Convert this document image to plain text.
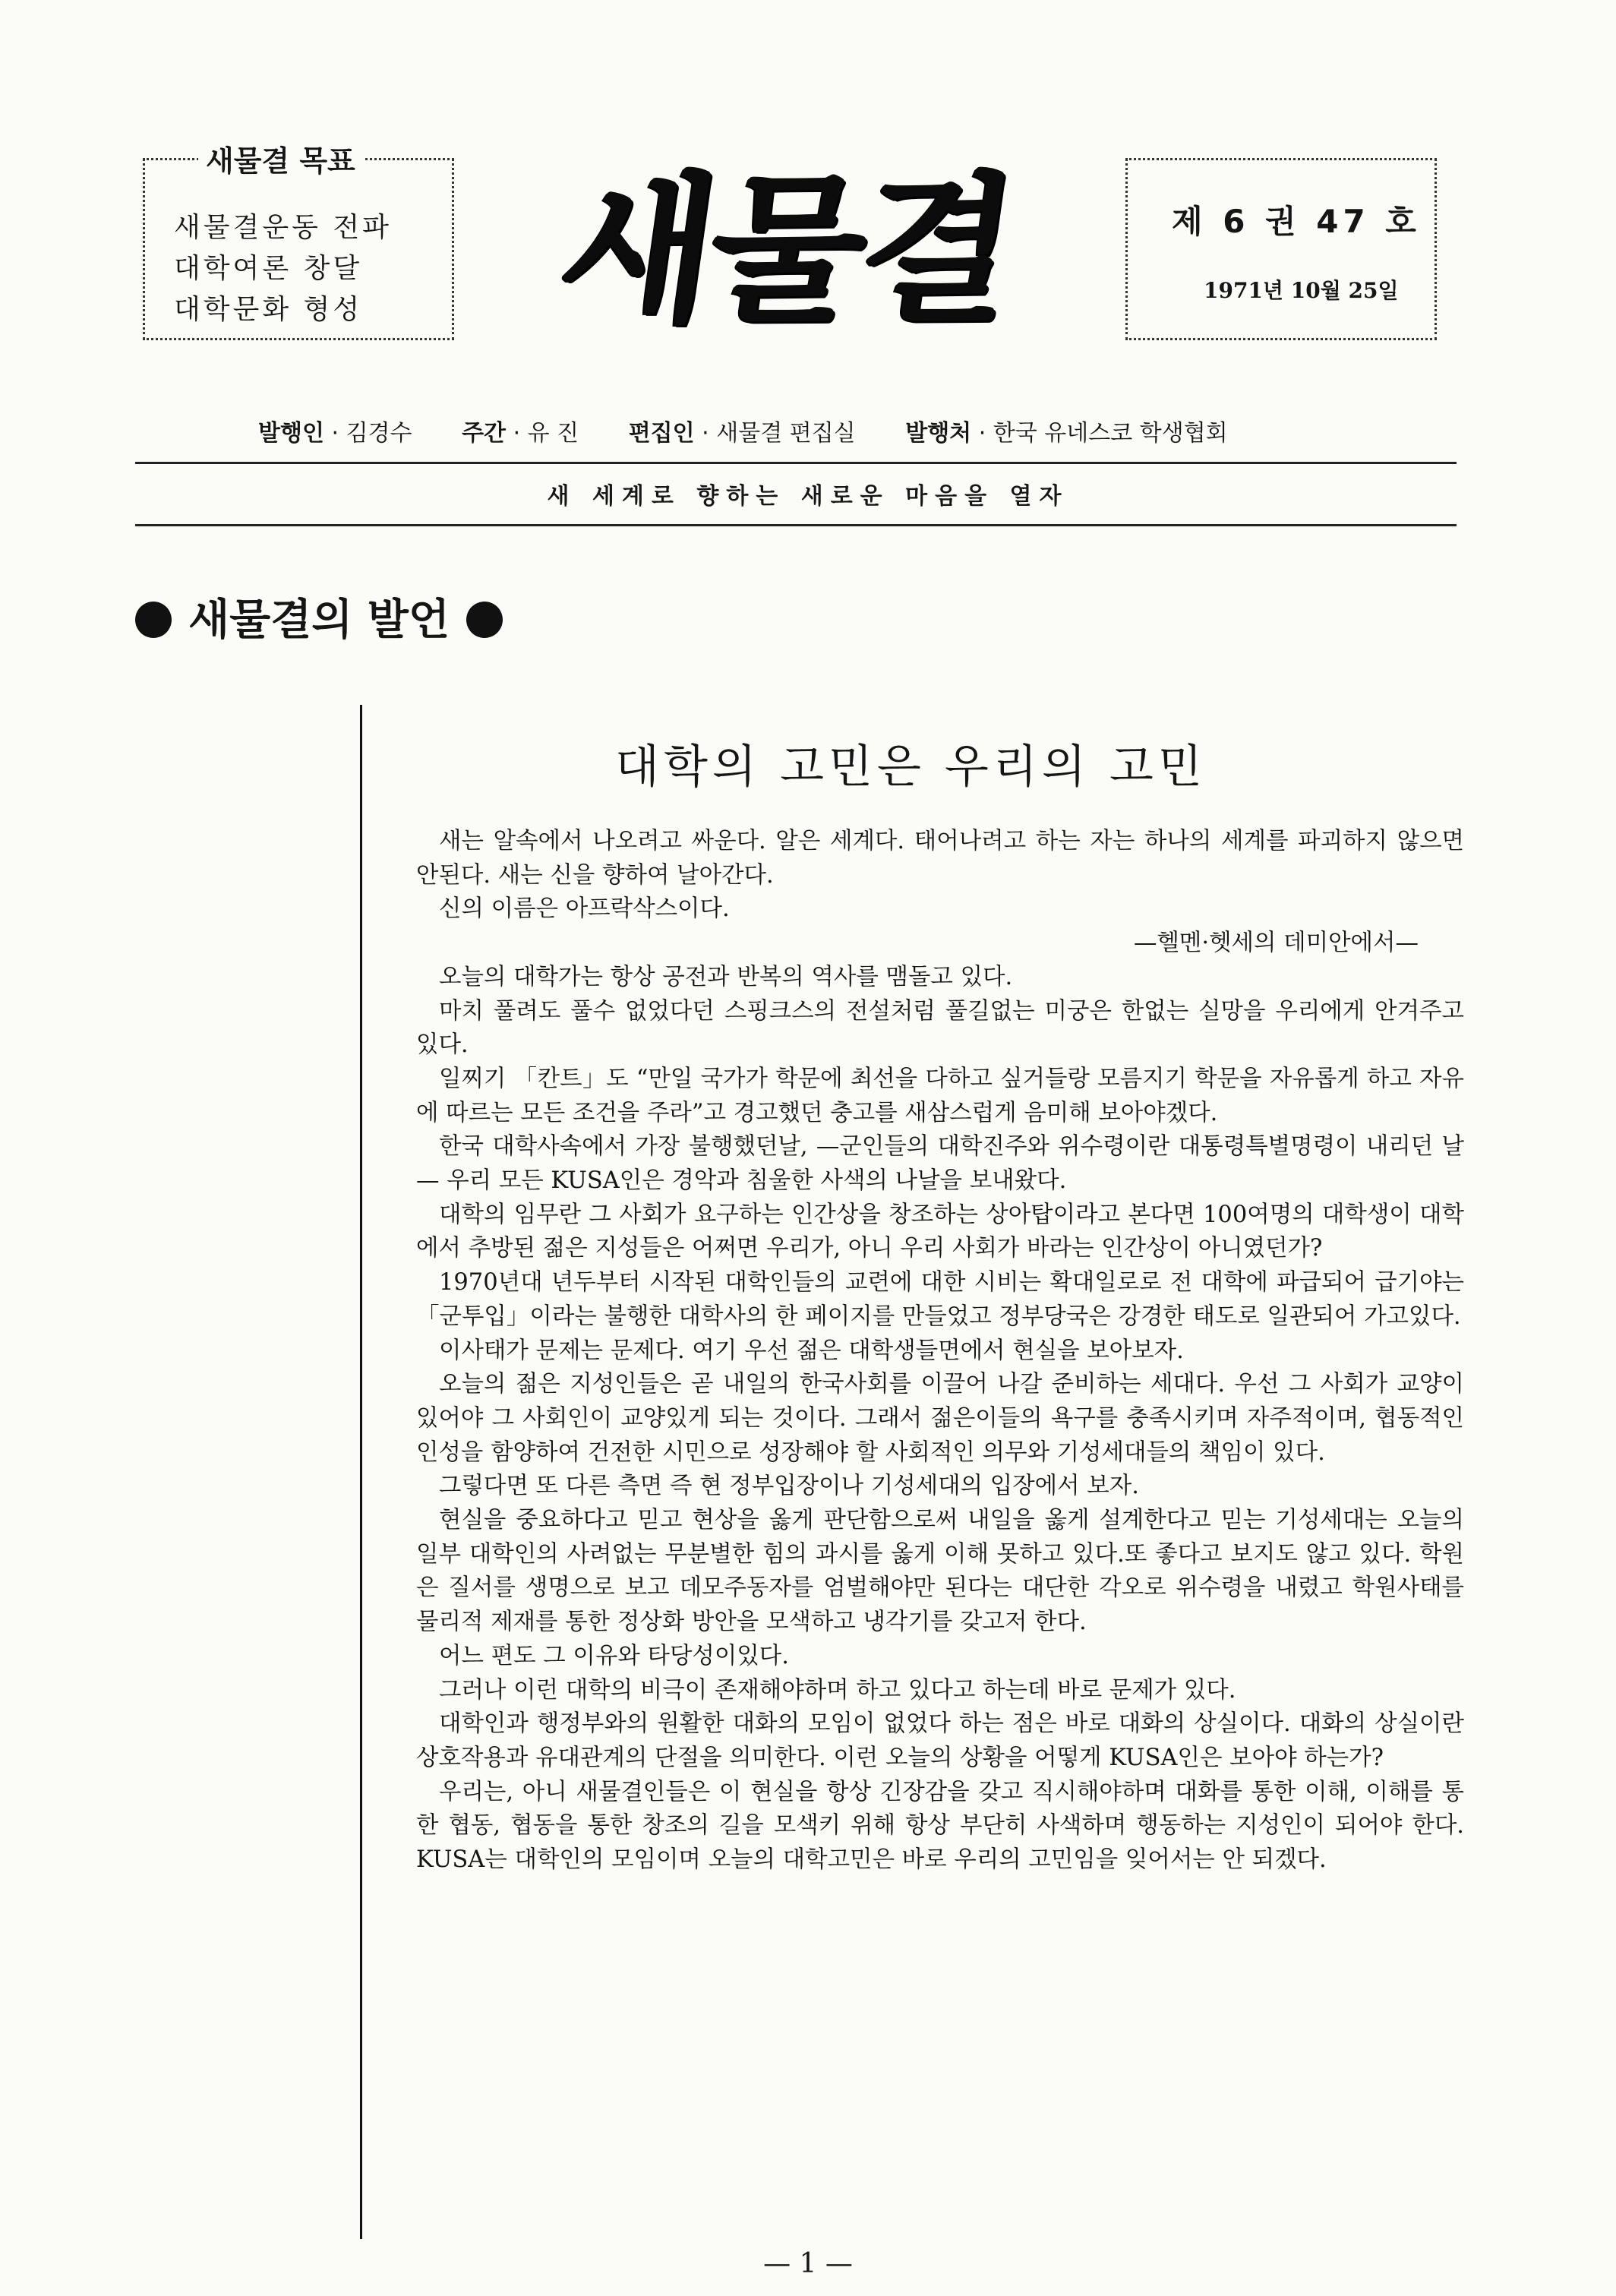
새물결 목표
새물결운동 전파
대학여론 창달
대학문화 형성	새물결	제 6 권 47 호
1971년 10월 25일
발행인 · 김경수 주간 · 유 진 편집인 · 새물결 편집실 발행처 · 한국 유네스코 학생협회
새 세계로 향하는 새로운 마음을 열자
새물결의 발언
대학의 고민은 우리의 고민

새는 알속에서 나오려고 싸운다. 알은 세계다. 태어나려고 하는 자는 하나의 세계를 파괴하지 않으면 안된다. 새는 신을 향하여 날아간다.

신의 이름은 아프락삭스이다.

—헬멘·헷세의 데미안에서—

오늘의 대학가는 항상 공전과 반복의 역사를 맴돌고 있다.

마치 풀려도 풀수 없었다던 스핑크스의 전설처럼 풀길없는 미궁은 한없는 실망을 우리에게 안겨주고 있다.

일찌기 「칸트」도 “만일 국가가 학문에 최선을 다하고 싶거들랑 모름지기 학문을 자유롭게 하고 자유에 따르는 모든 조건을 주라”고 경고했던 충고를 새삼스럽게 음미해 보아야겠다.

한국 대학사속에서 가장 불행했던날, —군인들의 대학진주와 위수령이란 대통령특별명령이 내리던 날— 우리 모든 KUSA인은 경악과 침울한 사색의 나날을 보내왔다.

대학의 임무란 그 사회가 요구하는 인간상을 창조하는 상아탑이라고 본다면 100여명의 대학생이 대학에서 추방된 젊은 지성들은 어쩌면 우리가, 아니 우리 사회가 바라는 인간상이 아니였던가?

1970년대 년두부터 시작된 대학인들의 교련에 대한 시비는 확대일로로 전 대학에 파급되어 급기야는 「군투입」이라는 불행한 대학사의 한 페이지를 만들었고 정부당국은 강경한 태도로 일관되어 가고있다.

이사태가 문제는 문제다. 여기 우선 젊은 대학생들면에서 현실을 보아보자.

오늘의 젊은 지성인들은 곧 내일의 한국사회를 이끌어 나갈 준비하는 세대다. 우선 그 사회가 교양이 있어야 그 사회인이 교양있게 되는 것이다. 그래서 젊은이들의 욕구를 충족시키며 자주적이며, 협동적인 인성을 함양하여 건전한 시민으로 성장해야 할 사회적인 의무와 기성세대들의 책임이 있다.

그렇다면 또 다른 측면 즉 현 정부입장이나 기성세대의 입장에서 보자.

현실을 중요하다고 믿고 현상을 옳게 판단함으로써 내일을 옳게 설계한다고 믿는 기성세대는 오늘의 일부 대학인의 사려없는 무분별한 힘의 과시를 옳게 이해 못하고 있다.또 좋다고 보지도 않고 있다. 학원은 질서를 생명으로 보고 데모주동자를 엄벌해야만 된다는 대단한 각오로 위수령을 내렸고 학원사태를 물리적 제재를 통한 정상화 방안을 모색하고 냉각기를 갖고저 한다.

어느 편도 그 이유와 타당성이있다.

그러나 이런 대학의 비극이 존재해야하며 하고 있다고 하는데 바로 문제가 있다.

대학인과 행정부와의 원활한 대화의 모임이 없었다 하는 점은 바로 대화의 상실이다. 대화의 상실이란 상호작용과 유대관계의 단절을 의미한다. 이런 오늘의 상황을 어떻게 KUSA인은 보아야 하는가?

우리는, 아니 새물결인들은 이 현실을 항상 긴장감을 갖고 직시해야하며 대화를 통한 이해, 이해를 통한 협동, 협동을 통한 창조의 길을 모색키 위해 항상 부단히 사색하며 행동하는 지성인이 되어야 한다. KUSA는 대학인의 모임이며 오늘의 대학고민은 바로 우리의 고민임을 잊어서는 안 되겠다.

— 1 —
